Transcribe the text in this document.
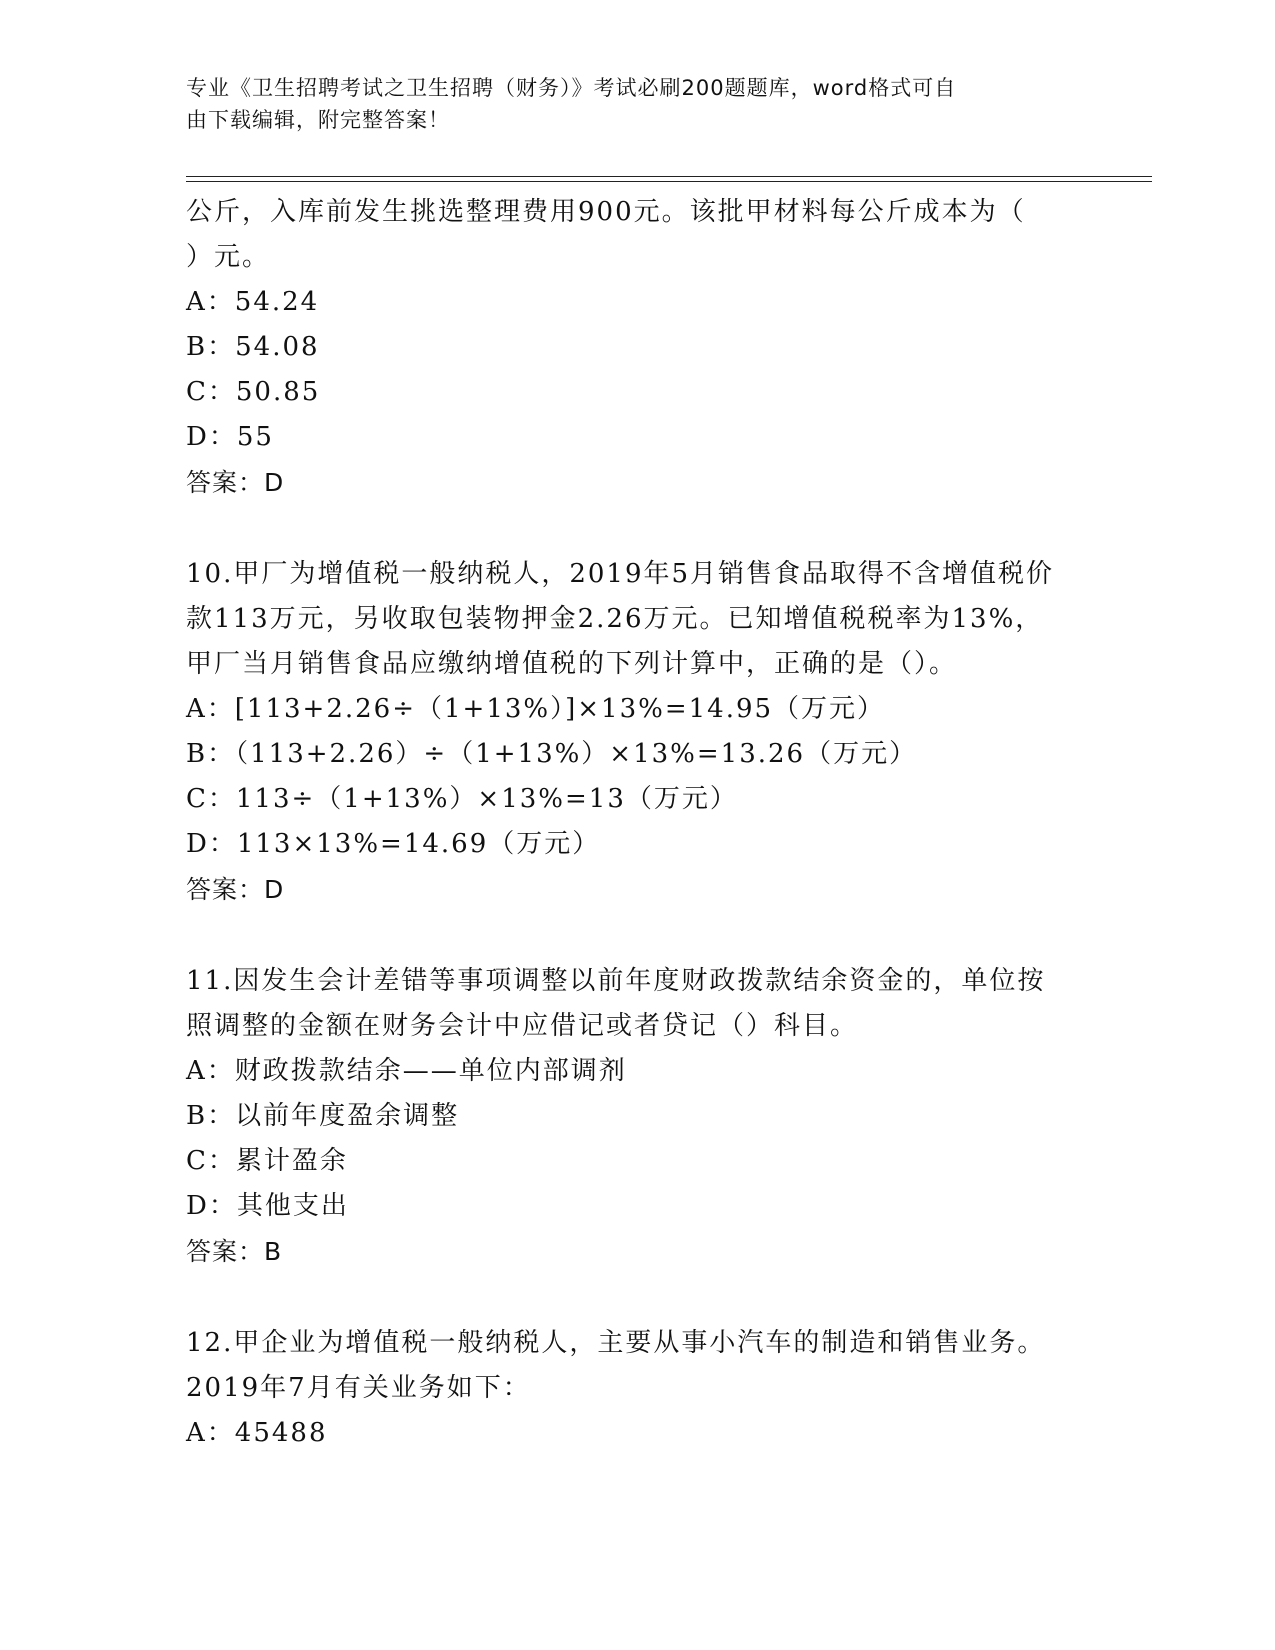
专业《卫生招聘考试之卫生招聘（财务）》考试必刷200题题库，word格式可自
由下载编辑，附完整答案！
公斤，入库前发生挑选整理费用900元。该批甲材料每公斤成本为（
）元。
A：54.24
B：54.08
C：50.85
D：55
答案：D
10.甲厂为增值税一般纳税人，2019年5月销售食品取得不含增值税价
款113万元，另收取包装物押金2.26万元。已知增值税税率为13%，
甲厂当月销售食品应缴纳增值税的下列计算中，正确的是（）。
A：[113+2.26÷（1+13%）]×13%=14.95（万元）
B：（113+2.26）÷（1+13%）×13%=13.26（万元）
C：113÷（1+13%）×13%=13（万元）
D：113×13%=14.69（万元）
答案：D
11.因发生会计差错等事项调整以前年度财政拨款结余资金的，单位按
照调整的金额在财务会计中应借记或者贷记（）科目。
A：财政拨款结余——单位内部调剂
B：以前年度盈余调整
C：累计盈余
D：其他支出
答案：B
12.甲企业为增值税一般纳税人，主要从事小汽车的制造和销售业务。
2019年7月有关业务如下：
A：45488
